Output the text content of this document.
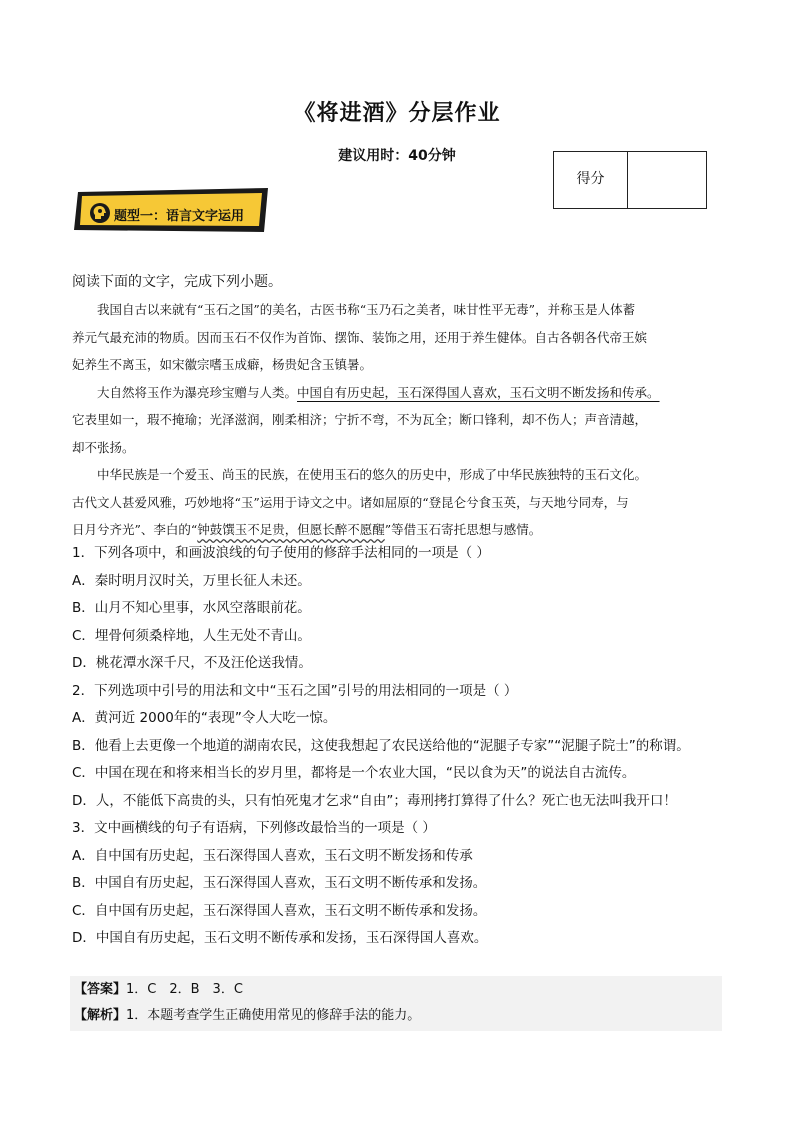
《将进酒》分层作业
建议用时：40分钟
得分
题型一：语言文字运用
阅读下面的文字，完成下列小题。

我国自古以来就有“玉石之国”的美名，古医书称“玉乃石之美者，味甘性平无毒”，并称玉是人体蓄
养元气最充沛的物质。因而玉石不仅作为首饰、摆饰、装饰之用，还用于养生健体。自古各朝各代帝王嫔
妃养生不离玉，如宋徽宗嗜玉成癖，杨贵妃含玉镇暑。

大自然将玉作为瀑亮珍宝赠与人类。中国自有历史起，玉石深得国人喜欢，玉石文明不断发扬和传承。
它表里如一，瑕不掩瑜；光泽滋润，刚柔相济；宁折不弯，不为瓦全；断口锋利，却不伤人；声音清越，
却不张扬。

中华民族是一个爱玉、尚玉的民族，在使用玉石的悠久的历史中，形成了中华民族独特的玉石文化。
古代文人甚爱风雅，巧妙地将“玉”运用于诗文之中。诸如屈原的“登昆仑兮食玉英，与天地兮同寿，与
日月兮齐光”、李白的“钟鼓馔玉不足贵，但愿长醉不愿醒”等借玉石寄托思想与感情。

1．下列各项中，和画波浪线的句子使用的修辞手法相同的一项是（ ）
A．秦时明月汉时关，万里长征人未还。
B．山月不知心里事，水风空落眼前花。
C．埋骨何须桑梓地，人生无处不青山。
D．桃花潭水深千尺，不及汪伦送我情。
2．下列选项中引号的用法和文中“玉石之国”引号的用法相同的一项是（ ）
A．黄河近 2000年的“表现”令人大吃一惊。
B．他看上去更像一个地道的湖南农民，这使我想起了农民送给他的“泥腿子专家”“泥腿子院士”的称谓。
C．中国在现在和将来相当长的岁月里，都将是一个农业大国，“民以食为天”的说法自古流传。
D．人，不能低下高贵的头，只有怕死鬼才乞求“自由”；毒刑拷打算得了什么？死亡也无法叫我开口！
3．文中画横线的句子有语病，下列修改最恰当的一项是（ ）
A．自中国有历史起，玉石深得国人喜欢，玉石文明不断发扬和传承
B．中国自有历史起，玉石深得国人喜欢，玉石文明不断传承和发扬。
C．自中国有历史起，玉石深得国人喜欢，玉石文明不断传承和发扬。
D．中国自有历史起，玉石文明不断传承和发扬，玉石深得国人喜欢。
【答案】1．C　2．B　3．C
【解析】1．本题考查学生正确使用常见的修辞手法的能力。
